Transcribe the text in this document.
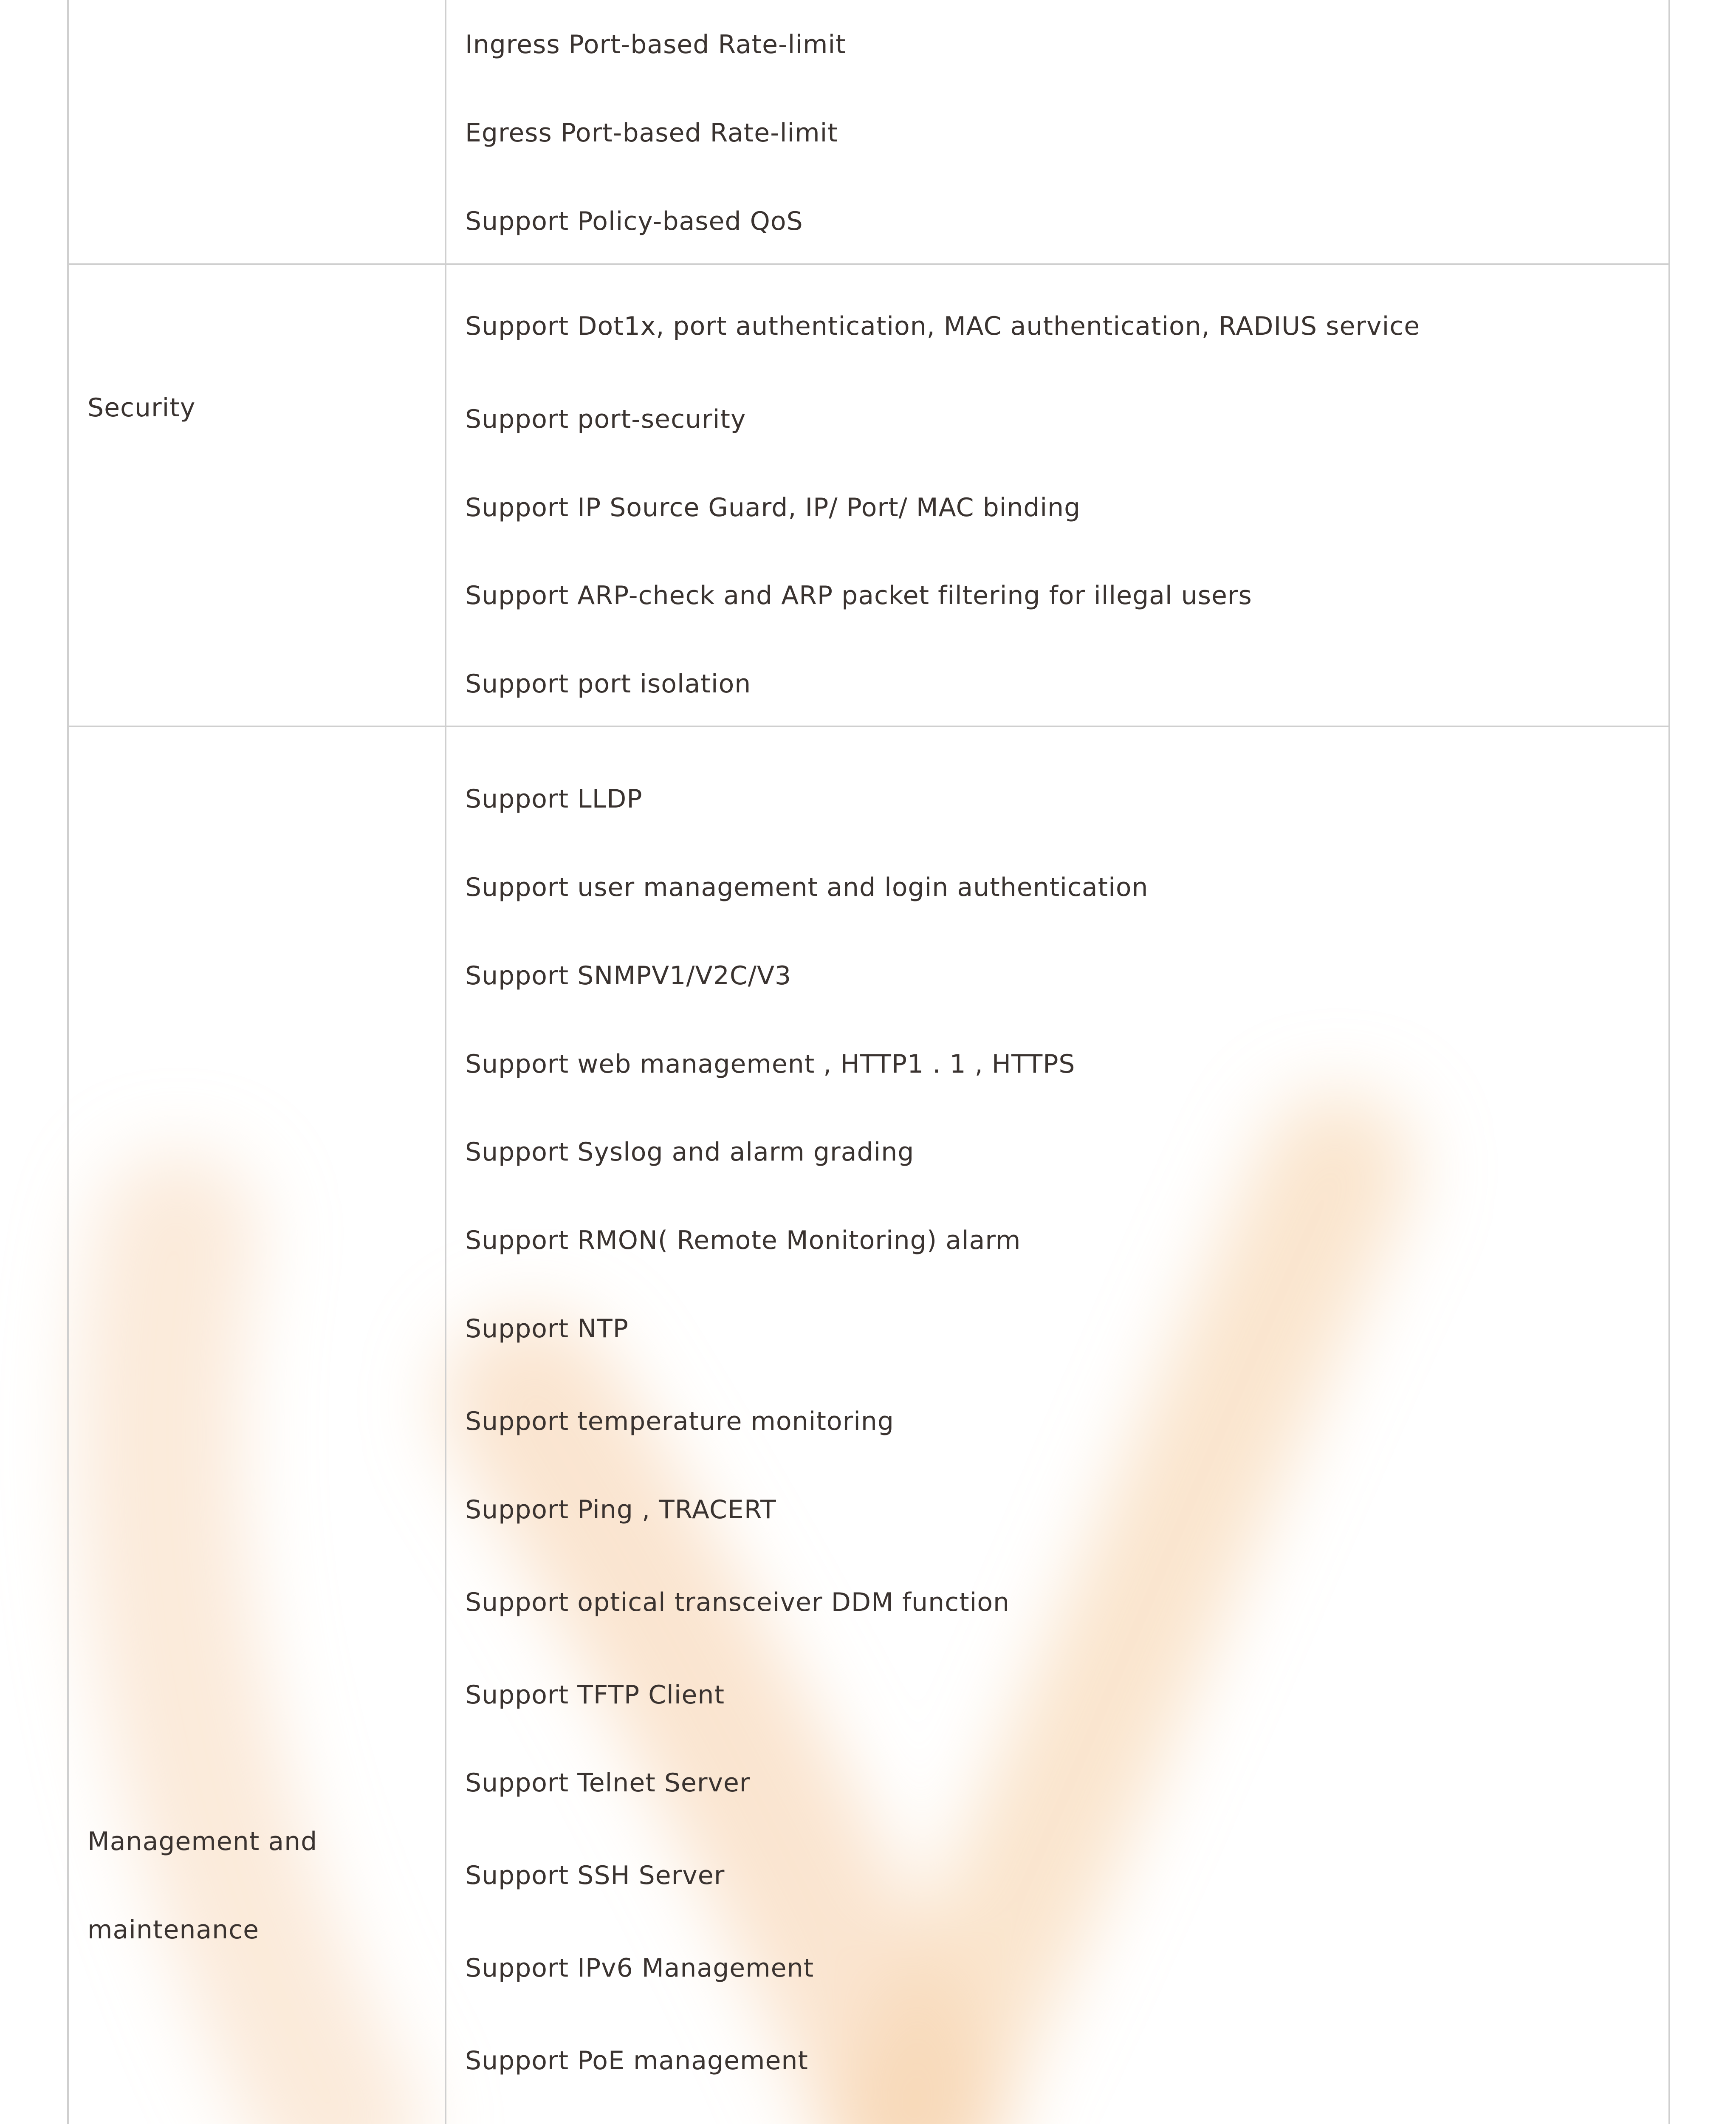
Ingress Port-based Rate-limit
Egress Port-based Rate-limit
Support Policy-based QoS
Security
Support Dot1x, port authentication, MAC authentication, RADIUS service
Support port-security
Support IP Source Guard, IP/ Port/ MAC binding
Support ARP-check and ARP packet filtering for illegal users
Support port isolation
Management and
maintenance
Support LLDP
Support user management and login authentication
Support SNMPV1/V2C/V3
Support web management , HTTP1 . 1 , HTTPS
Support Syslog and alarm grading
Support RMON( Remote Monitoring) alarm
Support NTP
Support temperature monitoring
Support Ping , TRACERT
Support optical transceiver DDM function
Support TFTP Client
Support Telnet Server
Support SSH Server
Support IPv6 Management
Support PoE management
